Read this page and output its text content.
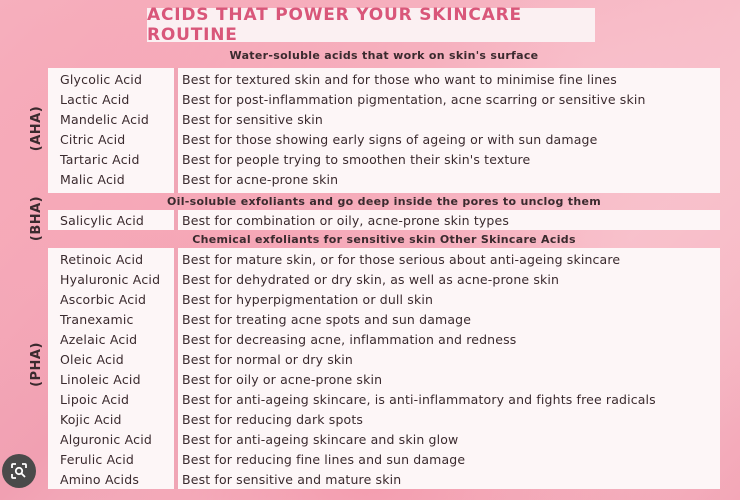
ACIDS THAT POWER YOUR SKINCARE ROUTINE
Water-soluble acids that work on skin's surface
(AHA)
Glycolic Acid	Best for textured skin and for those who want to minimise fine lines
Lactic Acid	Best for post-inflammation pigmentation, acne scarring or sensitive skin
Mandelic Acid	Best for sensitive skin
Citric Acid	Best for those showing early signs of ageing or with sun damage
Tartaric Acid	Best for people trying to smoothen their skin's texture
Malic Acid	Best for acne-prone skin
Oil-soluble exfoliants and go deep inside the pores to unclog them
(BHA)	Salicylic Acid	Best for combination or oily, acne-prone skin types
Chemical exfoliants for sensitive skin Other Skincare Acids
(PHA)
Retinoic Acid	Best for mature skin, or for those serious about anti-ageing skincare
Hyaluronic Acid	Best for dehydrated or dry skin, as well as acne-prone skin
Ascorbic Acid	Best for hyperpigmentation or dull skin
Tranexamic	Best for treating acne spots and sun damage
Azelaic Acid	Best for decreasing acne, inflammation and redness
Oleic Acid	Best for normal or dry skin
Linoleic Acid	Best for oily or acne-prone skin
Lipoic Acid	Best for anti-ageing skincare, is anti-inflammatory and fights free radicals
Kojic Acid	Best for reducing dark spots
Alguronic Acid	Best for anti-ageing skincare and skin glow
Ferulic Acid	Best for reducing fine lines and sun damage
Amino Acids	Best for sensitive and mature skin
